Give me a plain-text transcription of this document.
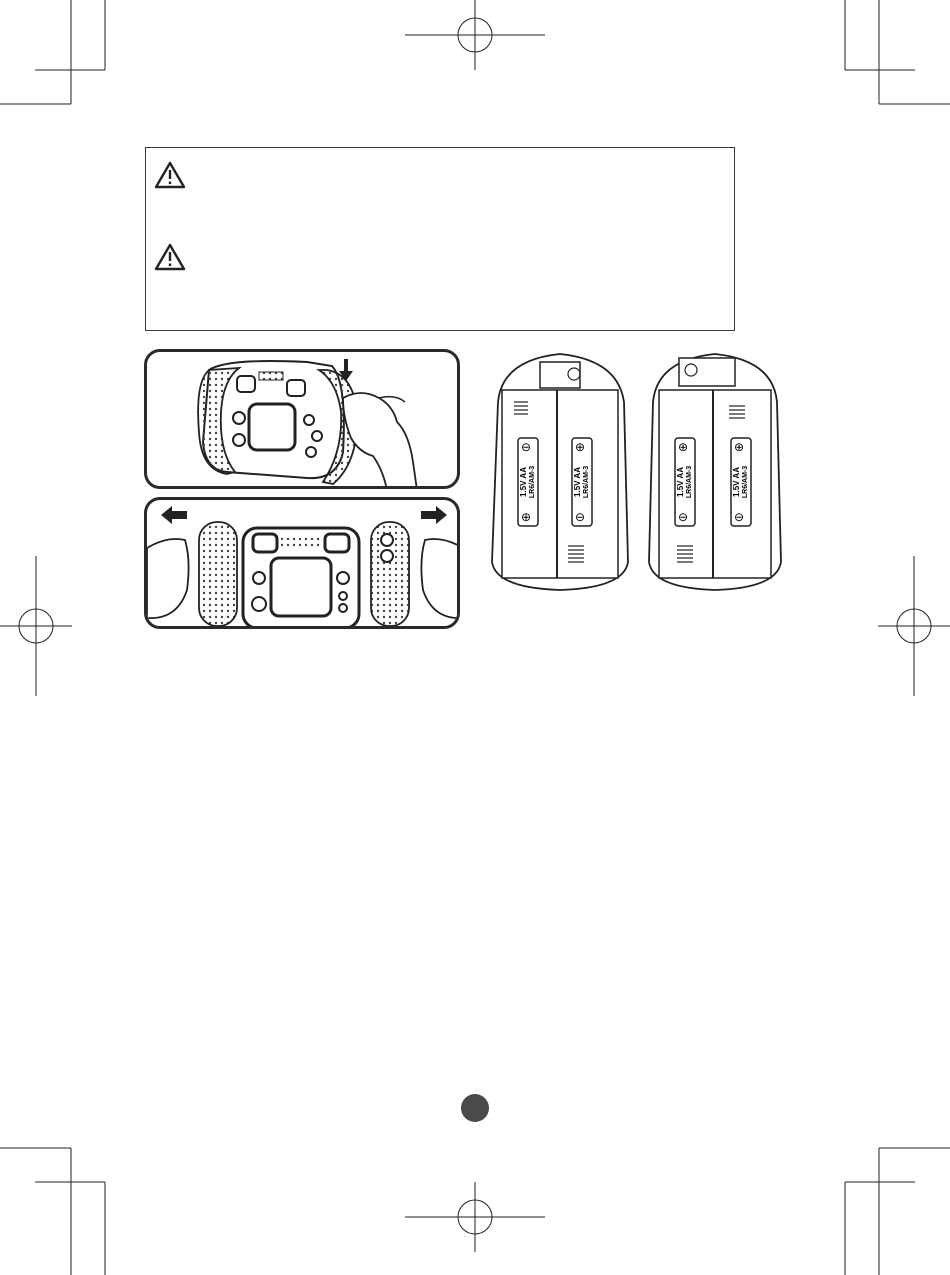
⊖
1.5V AA LR6/AM-3
⊕
⊕
1.5V AA LR6/AM-3
⊖
⊕
1.5V AA LR6/AM-3
⊖
⊕
1.5V AA LR6/AM-3
⊖
